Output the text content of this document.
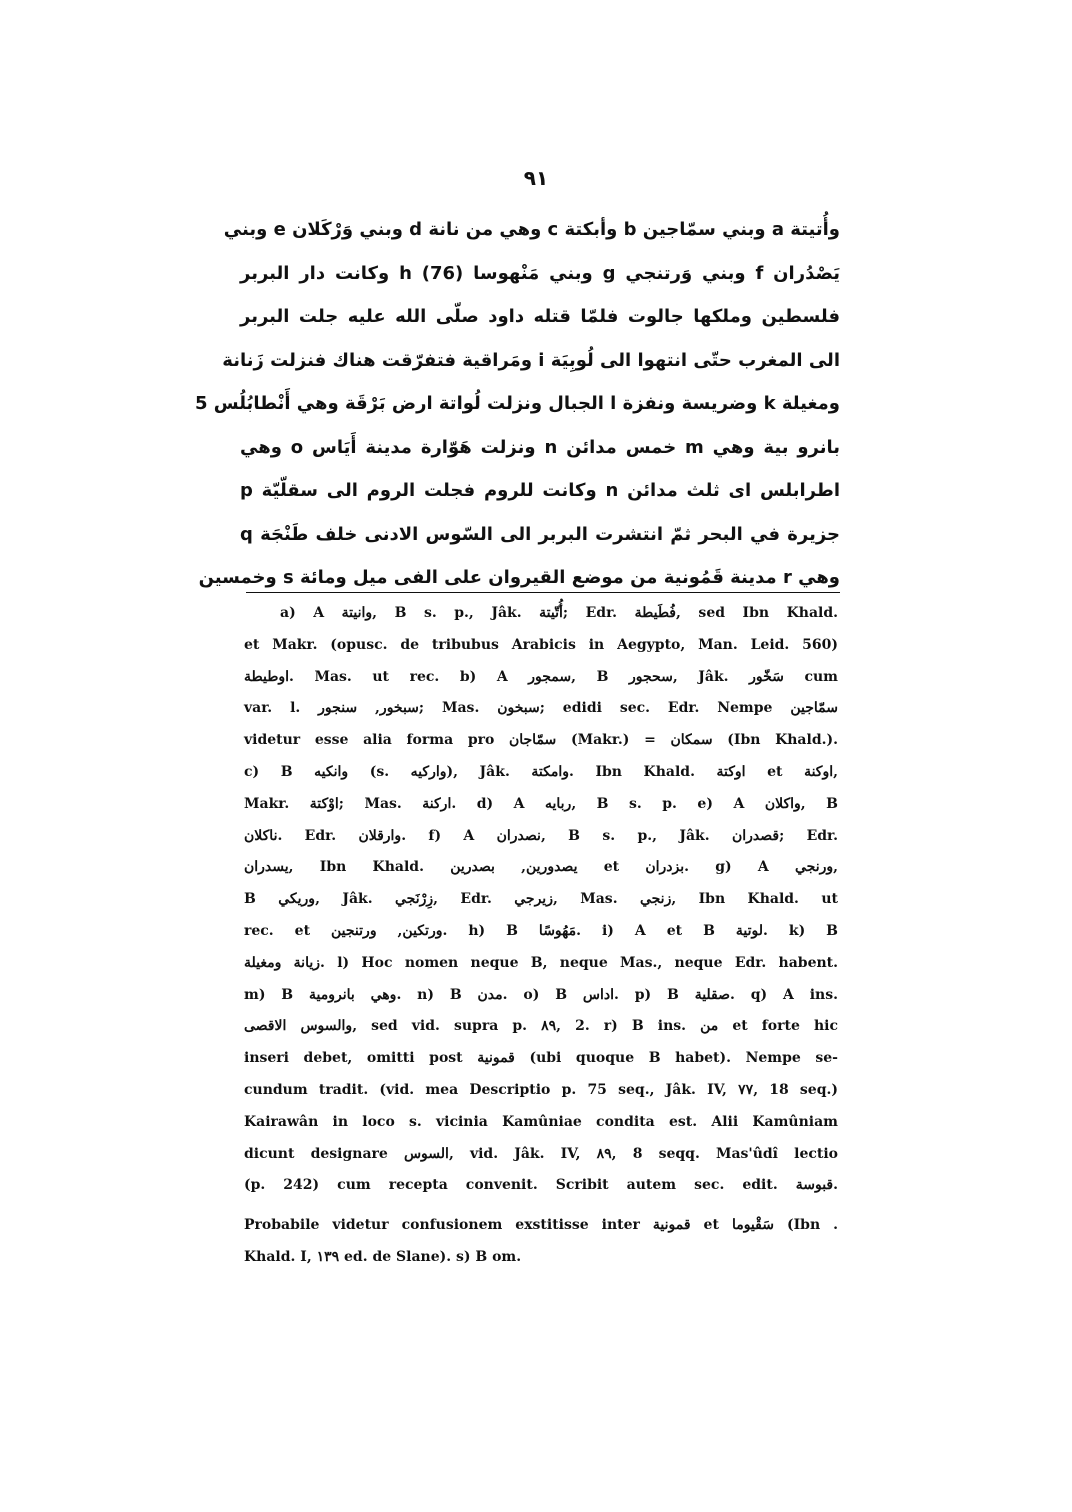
٩١
وأُتيتة a وبني سمّاجين b وأبكتة c وهي من نانة d وبني وَرْكَلان e وبني
يَصْدُران f وبني وَرتنجي g وبني مَنْهوسا h (76) وكانت دار البربر
فلسطين وملكها جالوت فلمّا قتله داود صلّى الله عليه جلت البربر
الى المغرب حتّى انتهوا الى لُوبِيَة i ومَراقية فتفرّقت هناك فنزلت زَنانة
ومغيلة k وضريسة ونفزة l الجبال ونزلت لُواتة ارض بَرْقَة وهي أَنْطابُلُس 5
بانرو بية وهي m خمس مدائن n ونزلت هَوّارة مدينة أَيَاس o وهي
اطرابلس اى ثلث مدائن n وكانت للروم فجلت الروم الى سقلّيّة p
جزيرة في البحر ثمّ انتشرت البربر الى السّوس الادنى خلف طَنْجَة q
وهي r مدينة قَمُونية من موضع القيروان على الفى ميل ومائة s وخمسين
a) A وانيتة, B s. p., Jâk. أُتّيتة; Edr. فُطَيطة, sed Ibn Khald.
et Makr. (opusc. de tribubus Arabicis in Aegypto, Man. Leid. 560)
اوطيطة. Mas. ut rec. b) A سمجور, B سحجور, Jâk. سَخّور cum
var. l. سبخور, سنجور; Mas. سبخون; edidi sec. Edr. Nempe سمّاجين
videtur esse alia forma pro سمّاجان (Makr.) = سمكان (Ibn Khald.).
c) B وانكيه (s. واركيه), Jâk. وامكتة. Ibn Khald. اوكتة et اوكنة,
Makr. اوْكتة; Mas. اركنة. d) A ربايه, B s. p. e) A واكلان, B
ناكلان. Edr. وارقلان. f) A نصدران, B s. p., Jâk. قصدران; Edr.
يسدران, Ibn Khald. يصدورين, بصدرين et بزدران. g) A ورنجي,
B وريكي, Jâk. زِرْنَجي, Edr. زيرجي, Mas. زنجي, Ibn Khald. ut
rec. et ورتكين, ورتنجين. h) B مَهُوسًا. i) A et B لوتية. k) B
زيانة ومغيلة. l) Hoc nomen neque B, neque Mas., neque Edr. habent.
m) B وهي بانرومية. n) B مدن. o) B اداس. p) B صقلية. q) A ins.
والسوس الاقصى, sed vid. supra p. ٨٩, 2. r) B ins. من et forte hic
inseri debet, omitti post قمونية (ubi quoque B habet). Nempe se-
cundum tradit. (vid. mea Descriptio p. 75 seq., Jâk. IV, ٧٧, 18 seq.)
Kairawân in loco s. vicinia Kamûniae condita est. Alii Kamûniam
dicunt designare السوس, vid. Jâk. IV, ٨٩, 8 seqq. Mas'ûdî lectio
(p. 242) cum recepta convenit. Scribit autem sec. edit. قبوسة.
Probabile videtur confusionem exstitisse inter قمونية et سَقْيوما (Ibn .
Khald. I, ١٣٩ ed. de Slane). s) B om.
